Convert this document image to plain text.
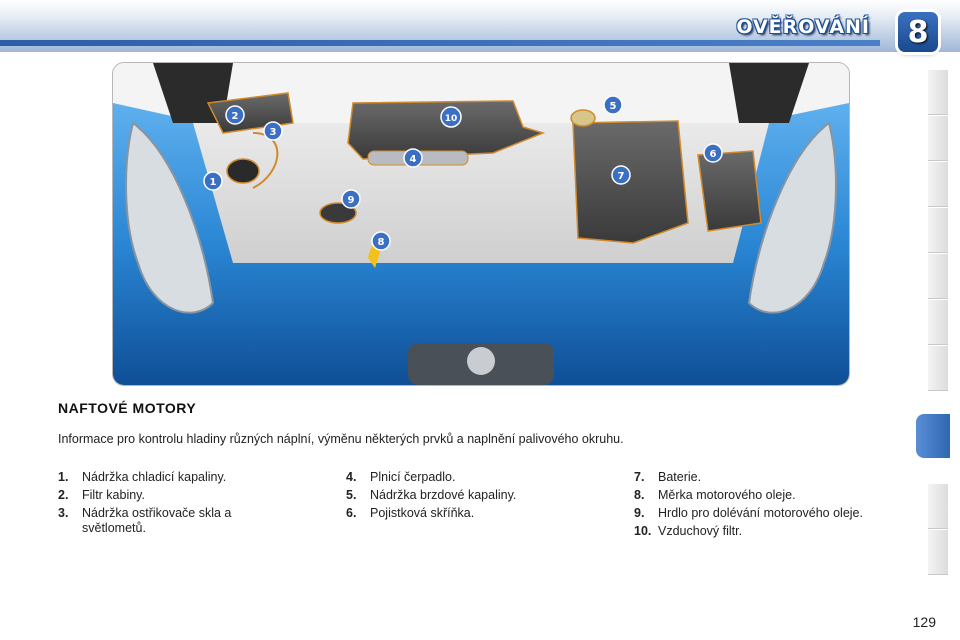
OVĚŘOVÁNÍ	8
1
2
3
4
5
6
7
8
9
10
NAFTOVÉ MOTORY
Informace pro kontrolu hladiny různých náplní, výměnu některých prvků a naplnění palivového okruhu.
1.	Nádržka chladicí kapaliny.
2.	Filtr kabiny.
3.	Nádržka ostřikovače skla a světlometů.
4.	Plnicí čerpadlo.
5.	Nádržka brzdové kapaliny.
6.	Pojistková skříňka.
7.	Baterie.
8.	Měrka motorového oleje.
9.	Hrdlo pro dolévání motorového oleje.
10. Vzduchový filtr.
129
